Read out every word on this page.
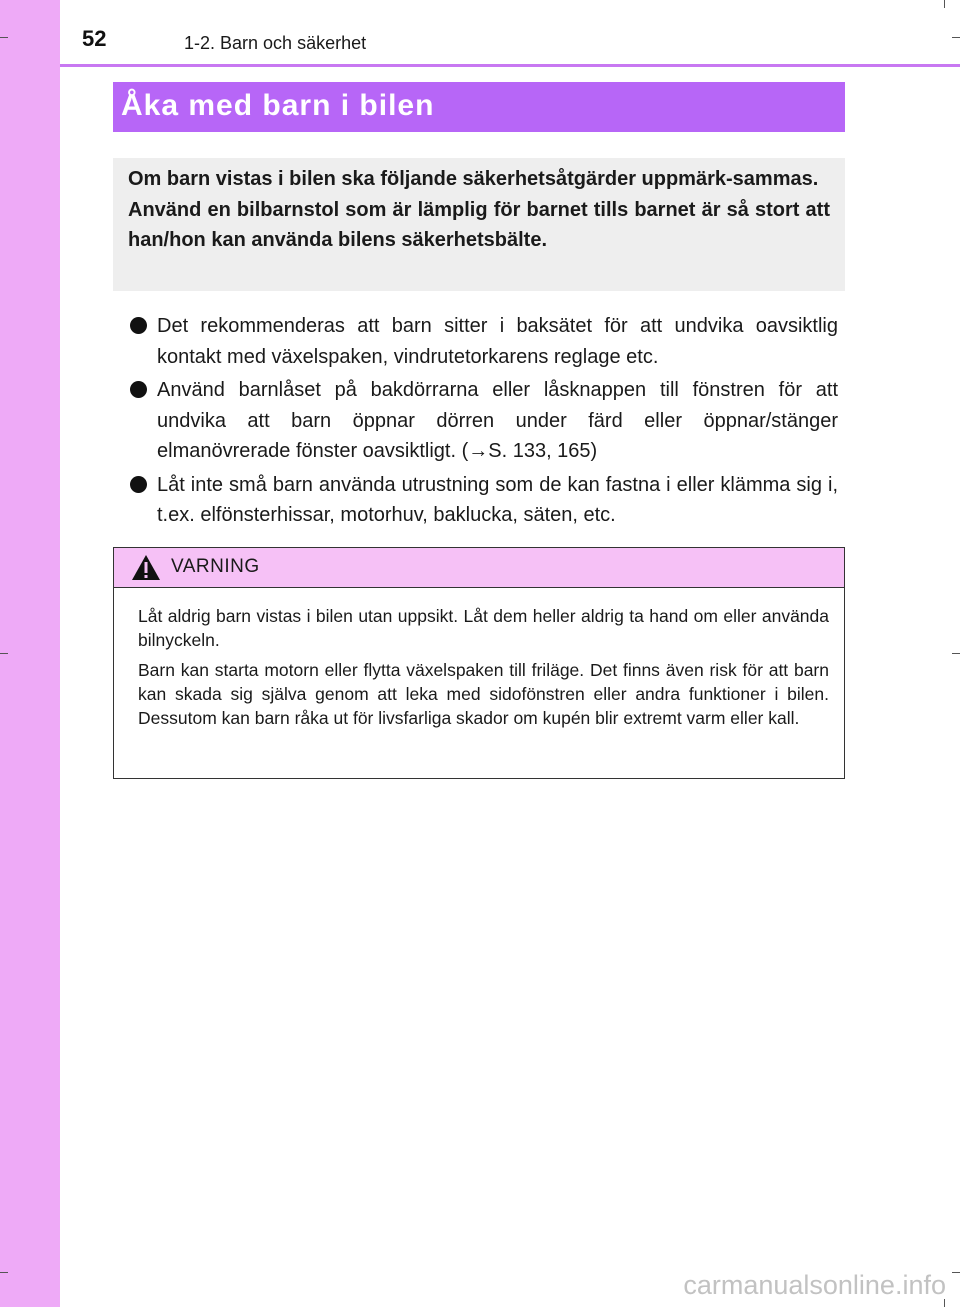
52	1-2. Barn och säkerhet
Åka med barn i bilen

Om barn vistas i bilen ska följande säkerhetsåtgärder uppmärk-sammas.

Använd en bilbarnstol som är lämplig för barnet tills barnet är så stort att han/hon kan använda bilens säkerhetsbälte.

Det rekommenderas att barn sitter i baksätet för att undvika oavsiktlig kontakt med växelspaken, vindrutetorkarens reglage etc.
Använd barnlåset på bakdörrarna eller låsknappen till fönstren för att undvika att barn öppnar dörren under färd eller öppnar/stänger elmanövrerade fönster oavsiktligt. (→S. 133, 165)
Låt inte små barn använda utrustning som de kan fastna i eller klämma sig i, t.ex. elfönsterhissar, motorhuv, baklucka, säten, etc.
VARNING

Låt aldrig barn vistas i bilen utan uppsikt. Låt dem heller aldrig ta hand om eller använda bilnyckeln.

Barn kan starta motorn eller flytta växelspaken till friläge. Det finns även risk för att barn kan skada sig själva genom att leka med sidofönstren eller andra funktioner i bilen. Dessutom kan barn råka ut för livsfarliga skador om kupén blir extremt varm eller kall.

carmanualsonline.info
